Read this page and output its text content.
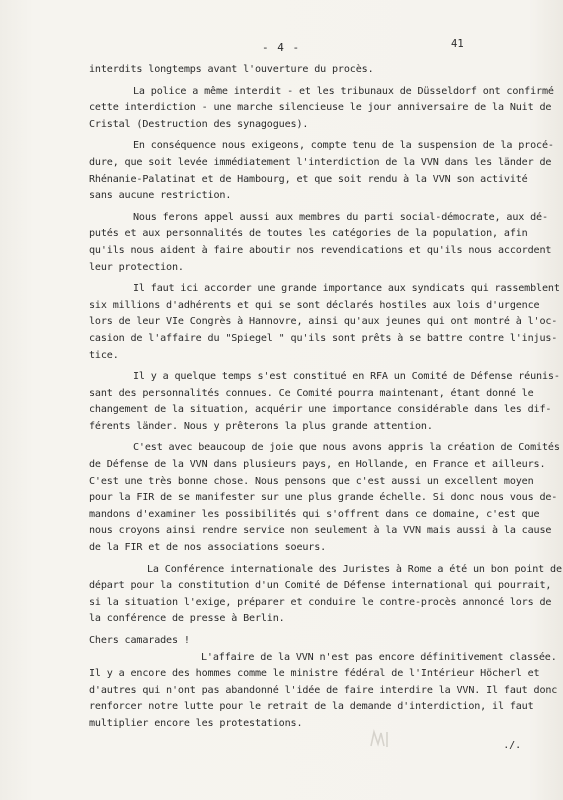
- 4 -	41
interdits longtemps avant l'ouverture du procès.
La police a même interdit - et les tribunaux de Düsseldorf ont confirmé
cette interdiction - une marche silencieuse le jour anniversaire de la Nuit de
Cristal (Destruction des synagogues).
En conséquence nous exigeons, compte tenu de la suspension de la procé-
dure, que soit levée immédiatement l'interdiction de la VVN dans les länder de
Rhénanie-Palatinat et de Hambourg, et que soit rendu à la VVN son activité
sans aucune restriction.
Nous ferons appel aussi aux membres du parti social-démocrate, aux dé-
putés et aux personnalités de toutes les catégories de la population, afin
qu'ils nous aident à faire aboutir nos revendications et qu'ils nous accordent
leur protection.
Il faut ici accorder une grande importance aux syndicats qui rassemblent
six millions d'adhérents et qui se sont déclarés hostiles aux lois d'urgence
lors de leur VIe Congrès à Hannovre, ainsi qu'aux jeunes qui ont montré à l'oc-
casion de l'affaire du "Spiegel " qu'ils sont prêts à se battre contre l'injus-
tice.
Il y a quelque temps s'est constitué en RFA un Comité de Défense réunis-
sant des personnalités connues. Ce Comité pourra maintenant, étant donné le
changement de la situation, acquérir une importance considérable dans les dif-
férents länder. Nous y prêterons la plus grande attention.
C'est avec beaucoup de joie que nous avons appris la création de Comités
de Défense de la VVN dans plusieurs pays, en Hollande, en France et ailleurs.
C'est une très bonne chose. Nous pensons que c'est aussi un excellent moyen
pour la FIR de se manifester sur une plus grande échelle. Si donc nous vous de-
mandons d'examiner les possibilités qui s'offrent dans ce domaine, c'est que
nous croyons ainsi rendre service non seulement à la VVN mais aussi à la cause
de la FIR et de nos associations soeurs.
La Conférence internationale des Juristes à Rome a été un bon point de
départ pour la constitution d'un Comité de Défense international qui pourrait,
si la situation l'exige, préparer et conduire le contre-procès annoncé lors de
la conférence de presse à Berlin.
Chers camarades !
L'affaire de la VVN n'est pas encore définitivement classée.
Il y a encore des hommes comme le ministre fédéral de l'Intérieur Höcherl et
d'autres qui n'ont pas abandonné l'idée de faire interdire la VVN. Il faut donc
renforcer notre lutte pour le retrait de la demande d'interdiction, il faut
multiplier encore les protestations.
./.
